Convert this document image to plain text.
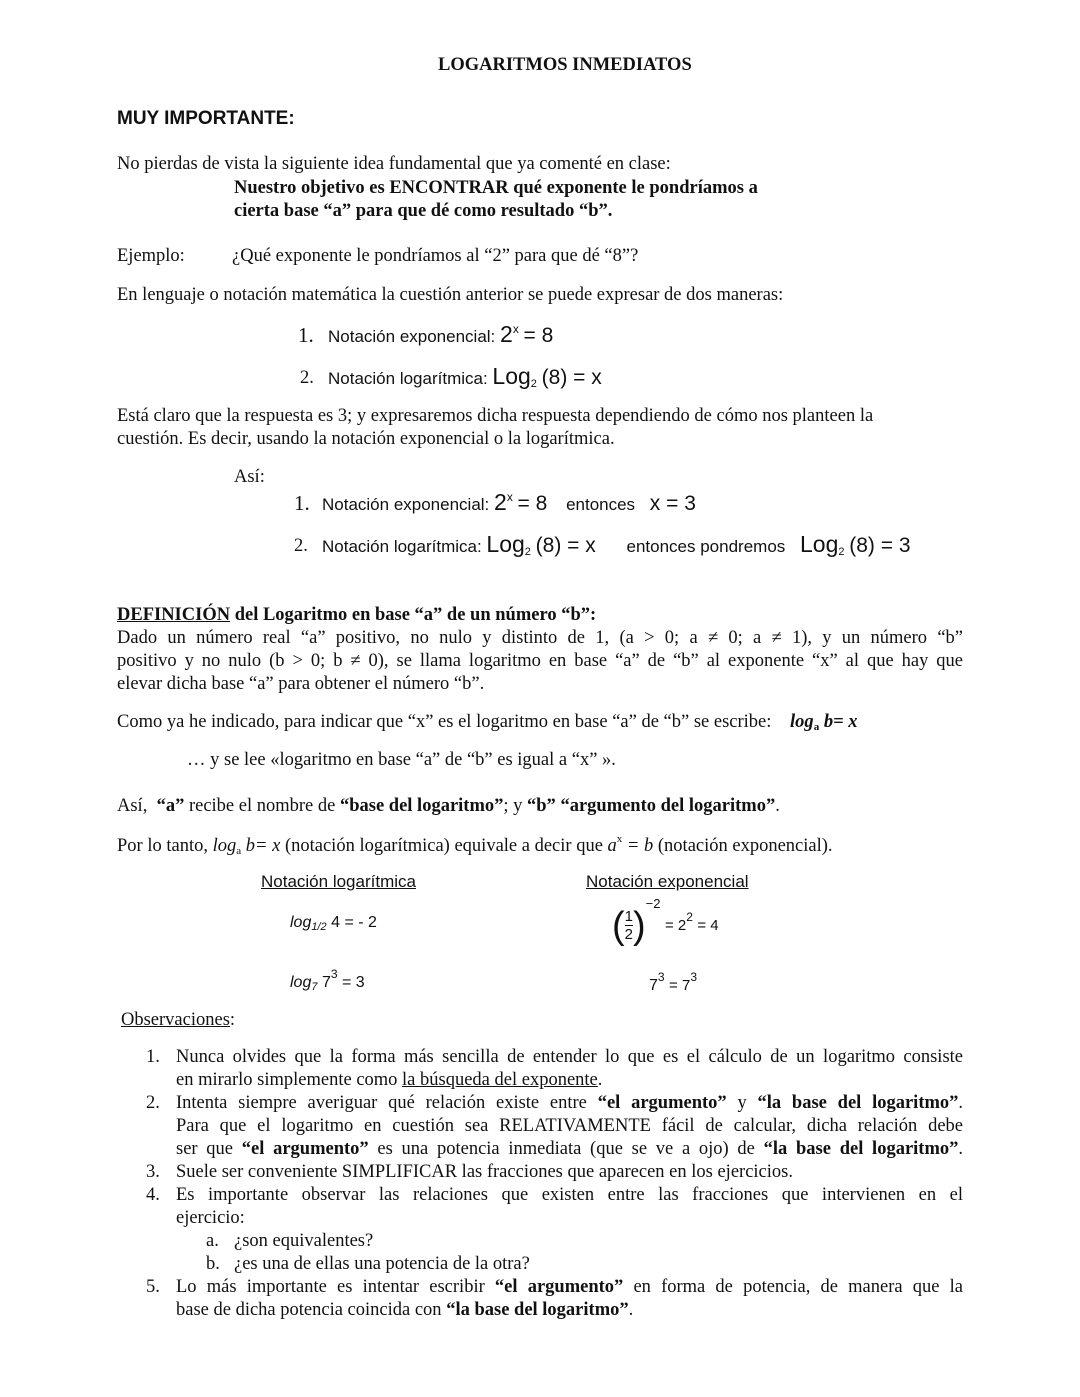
LOGARITMOS INMEDIATOS
MUY IMPORTANTE:
No pierdas de vista la siguiente idea fundamental que ya comenté en clase:
Nuestro objetivo es ENCONTRAR qué exponente le pondríamos a
cierta base “a” para que dé como resultado “b”.
Ejemplo:	¿Qué exponente le pondríamos al “2” para que dé “8”?
En lenguaje o notación matemática la cuestión anterior se puede expresar de dos maneras:
1. Notación exponencial: $2^x = 8$
2. Notación logarítmica: Log$_2$ (8) = x
Está claro que la respuesta es 3; y expresaremos dicha respuesta dependiendo de cómo nos planteen la
cuestión. Es decir, usando la notación exponencial o la logarítmica.
Así:
1. Notación exponencial: $2^x = 8$ entonces x = 3
2. Notación logarítmica: Log$_2$ (8) = x entonces pondremos Log$_2$ (8) = 3
DEFINICIÓN del Logaritmo en base “a” de un número “b”:
Dado un número real “a” positivo, no nulo y distinto de 1, (a > 0; a ≠ 0; a ≠ 1), y un número “b”
positivo y no nulo (b > 0; b ≠ 0), se llama logaritmo en base “a” de “b” al exponente “x” al que hay que
elevar dicha base “a” para obtener el número “b”.
Como ya he indicado, para indicar que “x” es el logaritmo en base “a” de “b” se escribe: $\log_a b= x$
… y se lee «logaritmo en base “a” de “b” es igual a “x” ».
Así, “a” recibe el nombre de “base del logaritmo”; y “b” “argumento del logaritmo”.
Por lo tanto, $\log_a b= x$ (notación logarítmica) equivale a decir que $a^x = b$ (notación exponencial).
Notación logarítmica	Notación exponencial
$\log_{1/2} 4$ = - 2	$(\frac{1}{2})^{-2} = 2^2 = 4$
$\log_7 7^3 = 3$	$7^3 = 7^3$
Observaciones:
1. Nunca olvides que la forma más sencilla de entender lo que es el cálculo de un logaritmo consiste
en mirarlo simplemente como la búsqueda del exponente.
2. Intenta siempre averiguar qué relación existe entre “el argumento” y “la base del logaritmo”.
Para que el logaritmo en cuestión sea RELATIVAMENTE fácil de calcular, dicha relación debe
ser que “el argumento” es una potencia inmediata (que se ve a ojo) de “la base del logaritmo”.
3. Suele ser conveniente SIMPLIFICAR las fracciones que aparecen en los ejercicios.
4. Es importante observar las relaciones que existen entre las fracciones que intervienen en el
ejercicio:
a. ¿son equivalentes?
b. ¿es una de ellas una potencia de la otra?
5. Lo más importante es intentar escribir “el argumento” en forma de potencia, de manera que la
base de dicha potencia coincida con “la base del logaritmo”.
